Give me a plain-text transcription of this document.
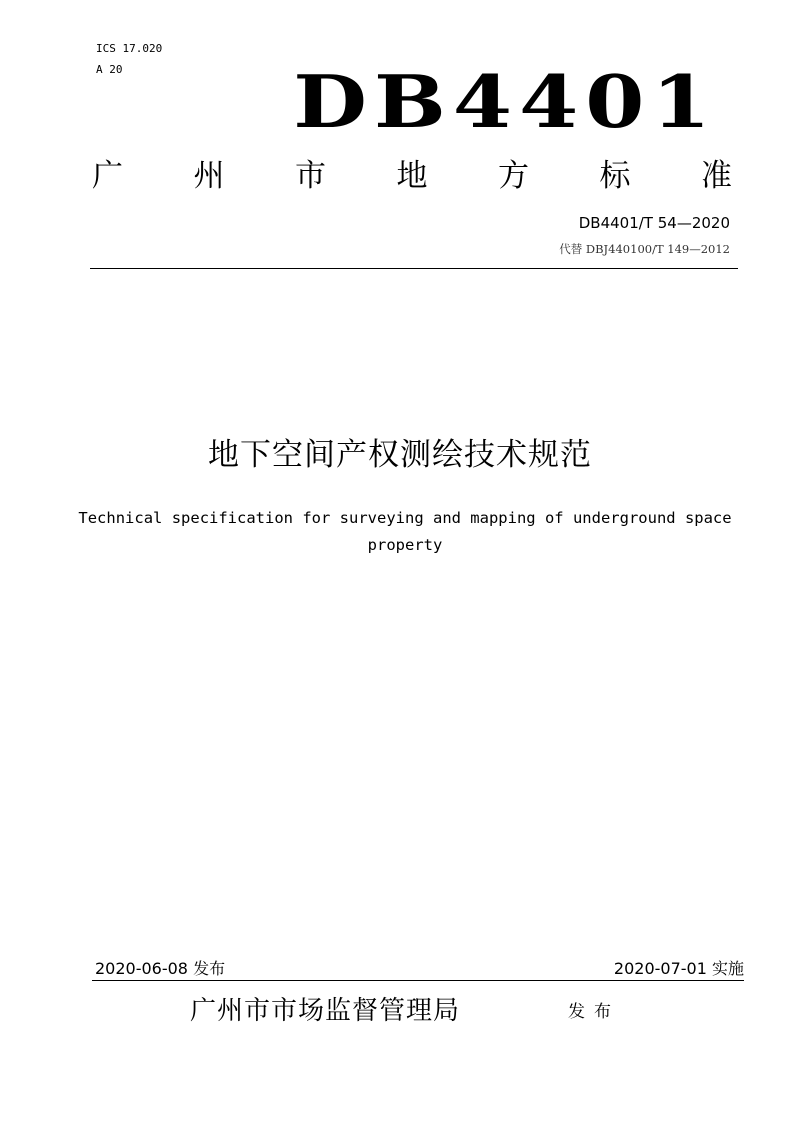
ICS 17.020
A 20 DB4401
广 州 市 地 方 标 准
DB4401/T 54—2020
代替 DBJ440100/T 149—2012
地下空间产权测绘技术规范
Technical specification for surveying and mapping of underground space property
2020-06-08 发布	2020-07-01 实施
广州市市场监督管理局	发布
